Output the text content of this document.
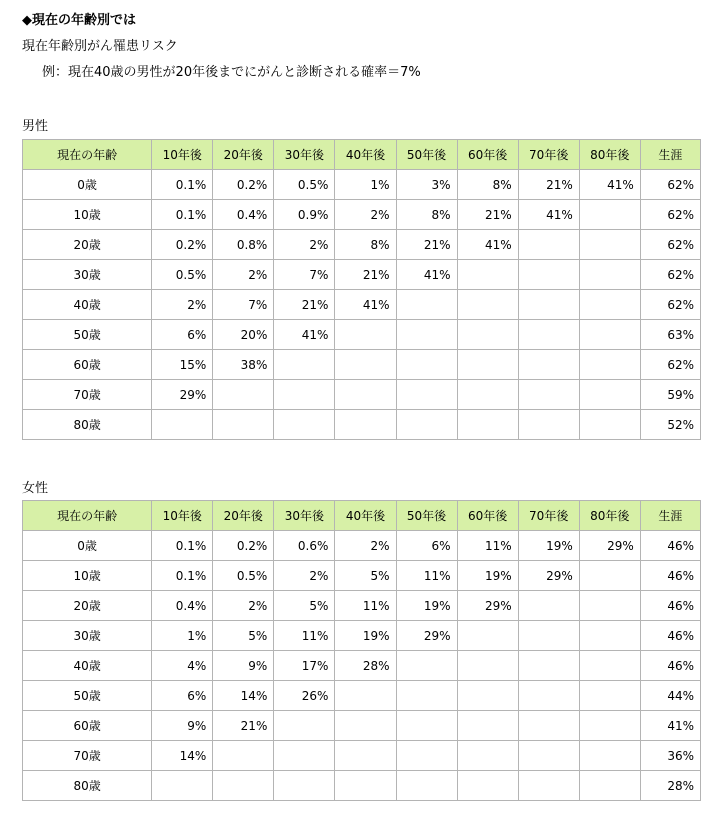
◆現在の年齢別では
現在年齢別がん罹患リスク
例：現在40歳の男性が20年後までにがんと診断される確率＝7%
男性
現在の年齢	10年後	20年後	30年後	40年後	50年後	60年後	70年後	80年後	生涯
0歳	0.1%	0.2%	0.5%	1%	3%	8%	21%	41%	62%
10歳	0.1%	0.4%	0.9%	2%	8%	21%	41%		62%
20歳	0.2%	0.8%	2%	8%	21%	41%			62%
30歳	0.5%	2%	7%	21%	41%				62%
40歳	2%	7%	21%	41%					62%
50歳	6%	20%	41%						63%
60歳	15%	38%							62%
70歳	29%								59%
80歳									52%
女性
現在の年齢	10年後	20年後	30年後	40年後	50年後	60年後	70年後	80年後	生涯
0歳	0.1%	0.2%	0.6%	2%	6%	11%	19%	29%	46%
10歳	0.1%	0.5%	2%	5%	11%	19%	29%		46%
20歳	0.4%	2%	5%	11%	19%	29%			46%
30歳	1%	5%	11%	19%	29%				46%
40歳	4%	9%	17%	28%					46%
50歳	6%	14%	26%						44%
60歳	9%	21%							41%
70歳	14%								36%
80歳									28%
